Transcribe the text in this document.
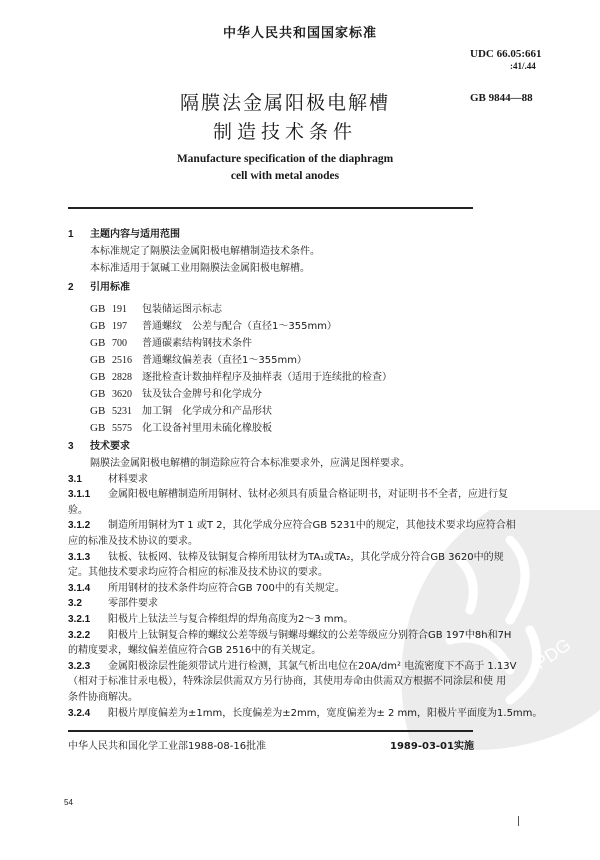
中华人民共和国国家标准
UDC 66.05:661
:41/.44
GB 9844—88
隔膜法金属阳极电解槽
制造技术条件
Manufacture specification of the diaphragm
cell with metal anodes
PDG
1 主题内容与适用范围
本标准规定了隔膜法金属阳极电解槽制造技术条件。
本标准适用于氯碱工业用隔膜法金属阳极电解槽。
2 引用标准
GB 191 包装储运图示标志
GB 197 普通螺纹　公差与配合（直径1～355mm）
GB 700 普通碳素结构钢技术条件
GB 2516 普通螺纹偏差表（直径1～355mm）
GB 2828 逐批检查计数抽样程序及抽样表（适用于连续批的检查）
GB 3620 钛及钛合金牌号和化学成分
GB 5231 加工铜　化学成分和产品形状
GB 5575 化工设备衬里用未硫化橡胶板
3 技术要求
隔膜法金属阳极电解槽的制造除应符合本标准要求外，应满足图样要求。
3.1	材料要求
3.1.1 金属阳极电解槽制造所用铜材、钛材必须具有质量合格证明书，对证明书不全者，应进行复
验。
3.1.2 制造所用铜材为T 1 或T 2，其化学成分应符合GB 5231中的规定，其他技术要求均应符合相
应的标准及技术协议的要求。
3.1.3 钛板、钛板网、钛棒及钛铜复合棒所用钛材为TA₁或TA₂，其化学成分符合GB 3620中的规
定。其他技术要求均应符合相应的标准及技术协议的要求。
3.1.4 所用钢材的技术条件均应符合GB 700中的有关规定。
3.2	零部件要求
3.2.1 阳极片上钛法兰与复合棒组焊的焊角高度为2～3 mm。
3.2.2 阳极片上钛铜复合棒的螺纹公差等级与铜螺母螺纹的公差等级应分别符合GB 197中8h和7H
的精度要求，螺纹偏差值应符合GB 2516中的有关规定。
3.2.3 金属阳极涂层性能须带试片进行检测，其氯气析出电位在20A/dm² 电流密度下不高于 1.13V
（相对于标准甘汞电极），特殊涂层供需双方另行协商，其使用寿命由供需双方根据不同涂层和使 用
条件协商解决。
3.2.4 阳极片厚度偏差为±1mm，长度偏差为±2mm，宽度偏差为± 2 mm，阳极片平面度为1.5mm。
中华人民共和国化学工业部1988-08-16批准	1989-03-01实施
54
